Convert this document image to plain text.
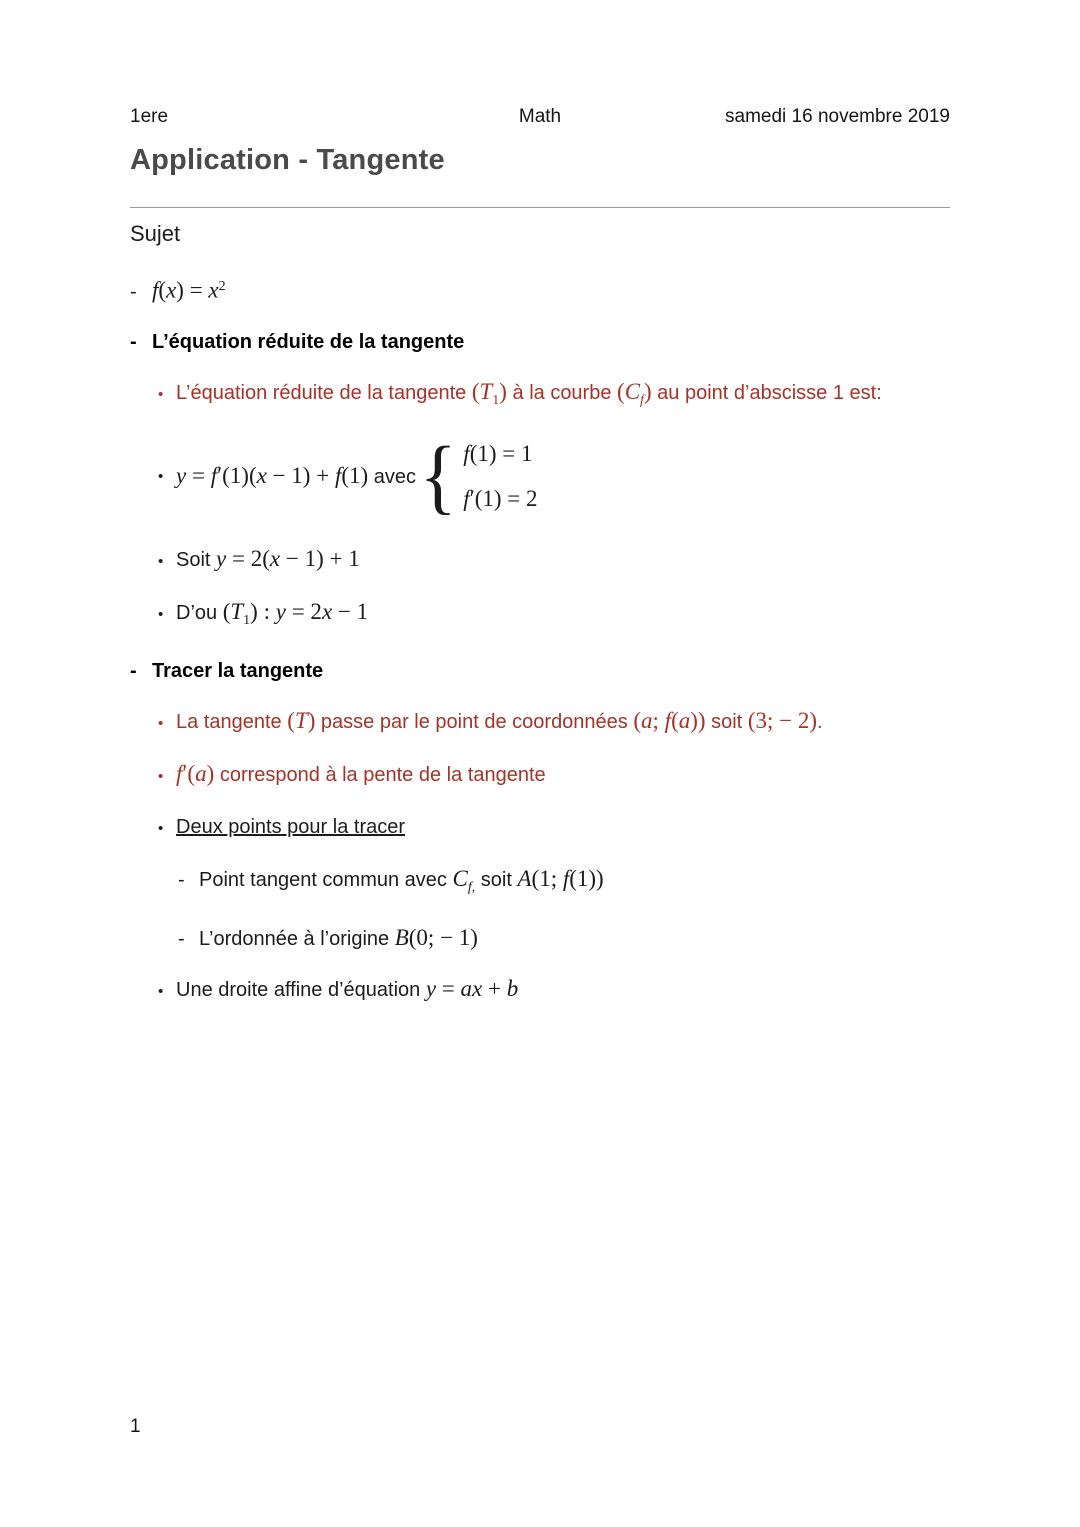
1ere	Math	samedi 16 novembre 2019
Application - Tangente
Sujet
- $f(x) = x^2$
- L’équation réduite de la tangente
• L’équation réduite de la tangente $(T_1)$ à la courbe $(C_f)$ au point d’abscisse 1 est:
• y = f′(1)(x − 1) + f(1) avec { f(1) = 1
f′(1) = 2
• Soit y = 2(x − 1) + 1
• D’ou $(T_1)$ : y = 2x − 1
- Tracer la tangente
• La tangente (T) passe par le point de coordonnées (a; f(a)) soit (3; − 2).
• f′(a) correspond à la pente de la tangente
• Deux points pour la tracer
- Point tangent commun avec $C_{f,}$ soit A(1; f(1))
- L’ordonnée à l’origine B(0; − 1)
• Une droite affine d’équation y = ax + b
1
